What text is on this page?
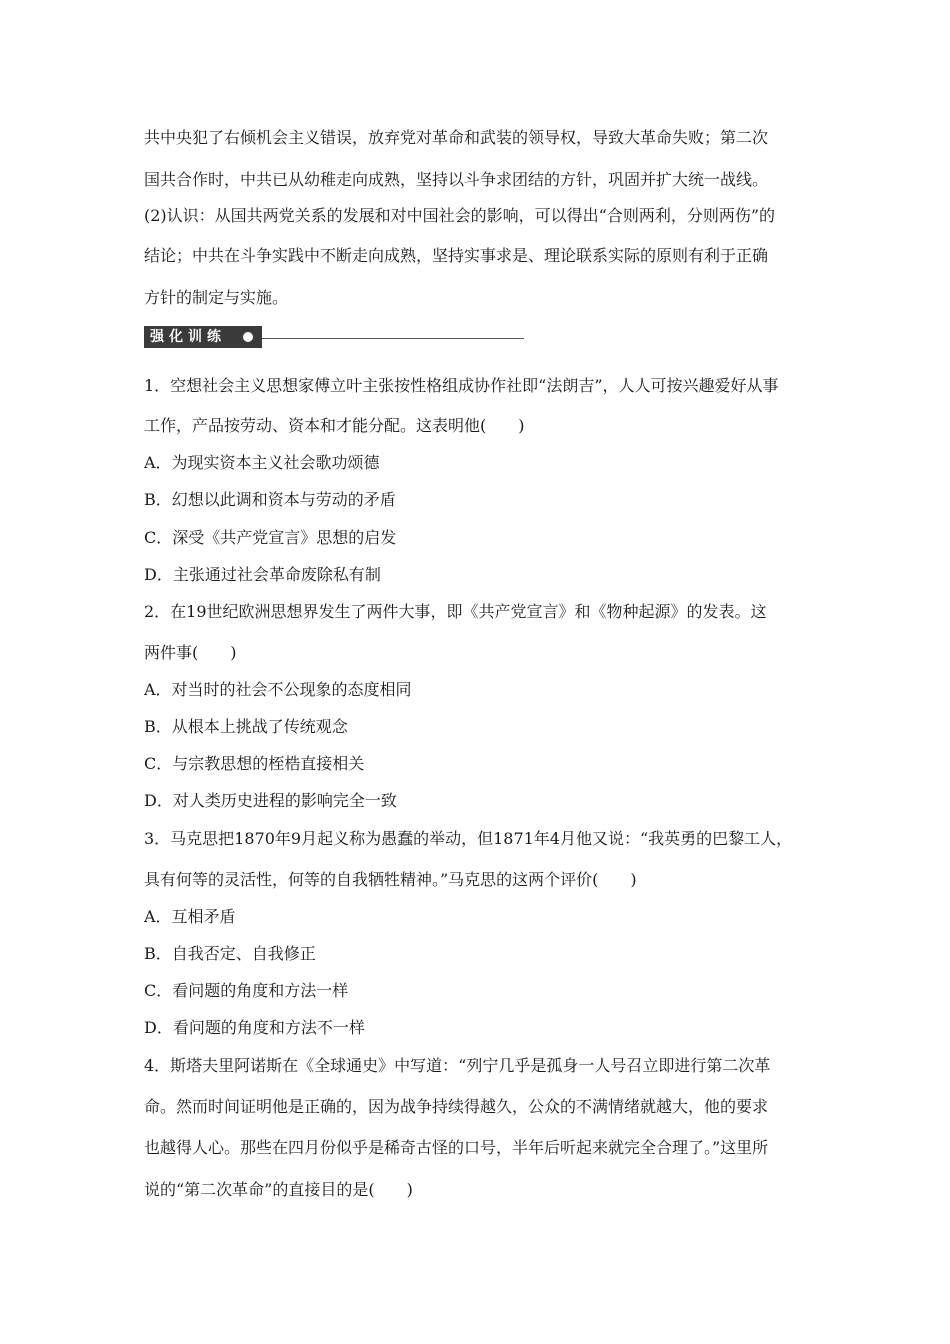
共中央犯了右倾机会主义错误，放弃党对革命和武装的领导权，导致大革命失败；第二次
国共合作时，中共已从幼稚走向成熟，坚持以斗争求团结的方针，巩固并扩大统一战线。
(2)认识：从国共两党关系的发展和对中国社会的影响，可以得出“合则两利，分则两伤”的
结论；中共在斗争实践中不断走向成熟，坚持实事求是、理论联系实际的原则有利于正确
方针的制定与实施。
强化训练
1．空想社会主义思想家傅立叶主张按性格组成协作社即“法朗吉”，人人可按兴趣爱好从事
工作，产品按劳动、资本和才能分配。这表明他(　　)
A．为现实资本主义社会歌功颂德
B．幻想以此调和资本与劳动的矛盾
C．深受《共产党宣言》思想的启发
D．主张通过社会革命废除私有制
2．在19世纪欧洲思想界发生了两件大事，即《共产党宣言》和《物种起源》的发表。这
两件事(　　)
A．对当时的社会不公现象的态度相同
B．从根本上挑战了传统观念
C．与宗教思想的桎梏直接相关
D．对人类历史进程的影响完全一致
3．马克思把1870年9月起义称为愚蠢的举动，但1871年4月他又说：“我英勇的巴黎工人，
具有何等的灵活性，何等的自我牺牲精神。”马克思的这两个评价(　　)
A．互相矛盾
B．自我否定、自我修正
C．看问题的角度和方法一样
D．看问题的角度和方法不一样
4．斯塔夫里阿诺斯在《全球通史》中写道：“列宁几乎是孤身一人号召立即进行第二次革
命。然而时间证明他是正确的，因为战争持续得越久，公众的不满情绪就越大，他的要求
也越得人心。那些在四月份似乎是稀奇古怪的口号，半年后听起来就完全合理了。”这里所
说的“第二次革命”的直接目的是(　　)
